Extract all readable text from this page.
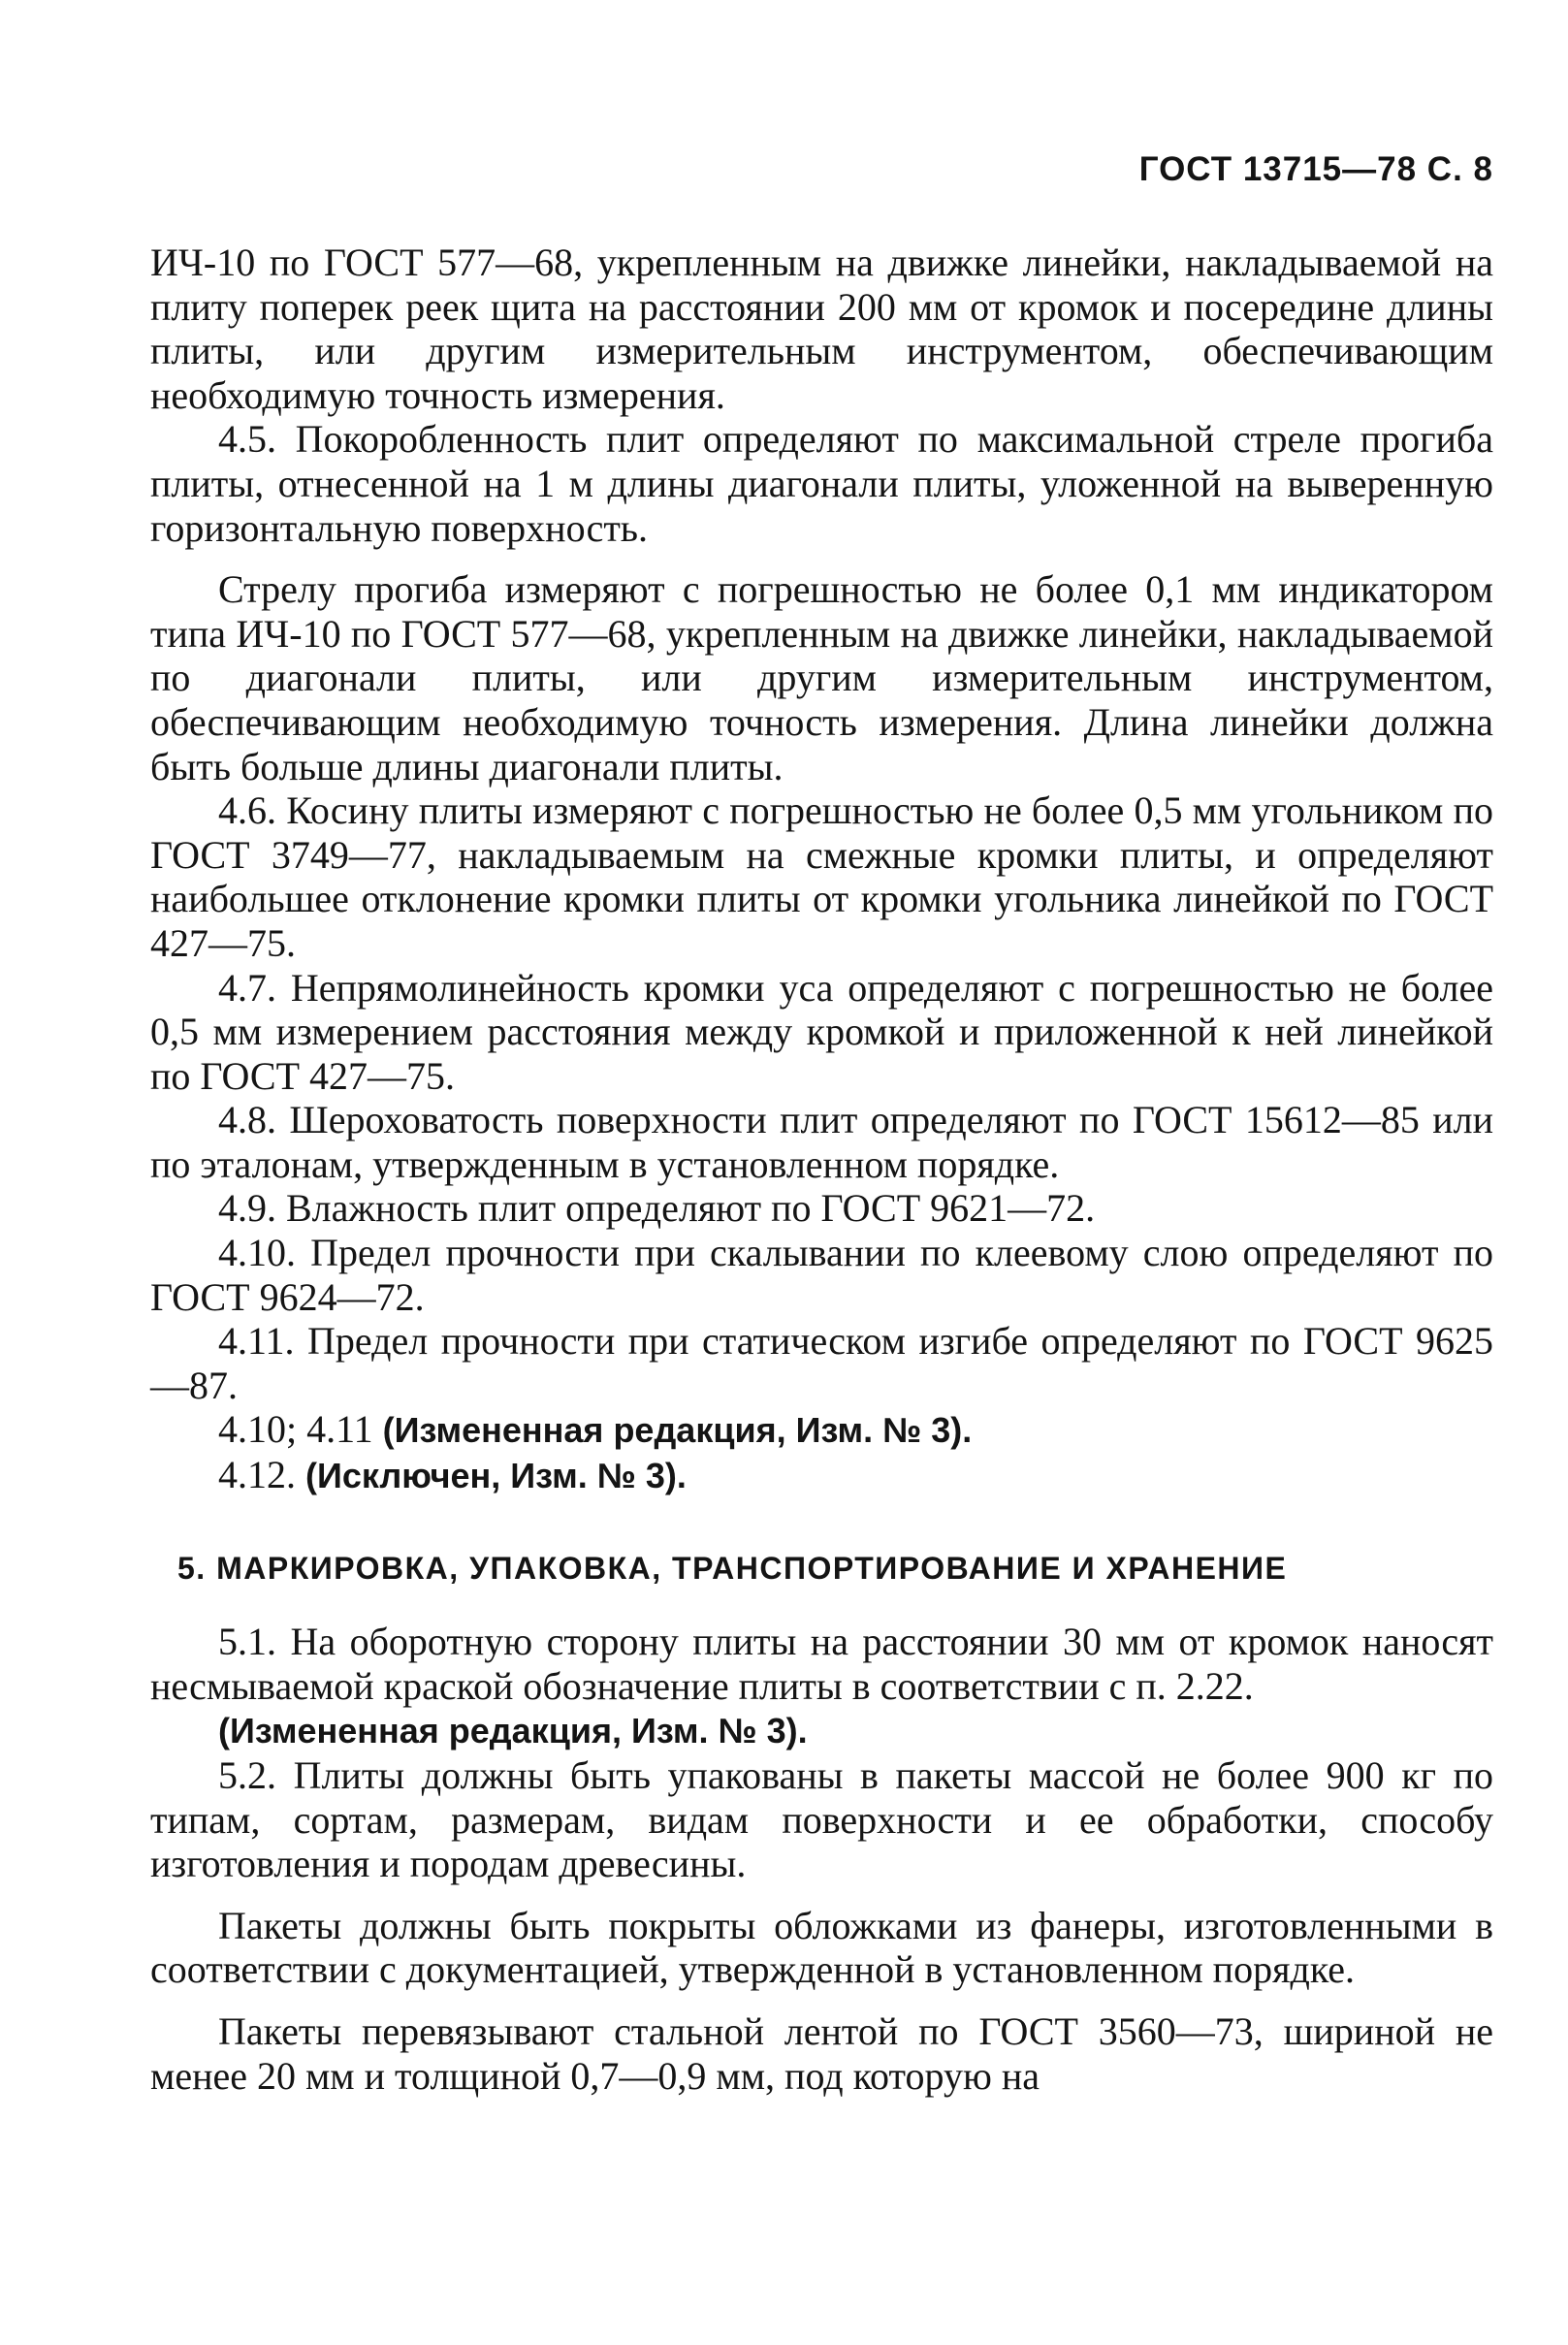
ГОСТ 13715—78 С. 8

ИЧ-10 по ГОСТ 577—68, укрепленным на движке линейки, накладываемой на плиту поперек реек щита на расстоянии 200 мм от кромок и посередине длины плиты, или другим измерительным инструментом, обеспечивающим необходимую точность измерения.

4.5. Покоробленность плит определяют по максимальной стреле прогиба плиты, отнесенной на 1 м длины диагонали плиты, уложенной на выверенную горизонтальную поверхность.

Стрелу прогиба измеряют с погрешностью не более 0,1 мм индикатором типа ИЧ-10 по ГОСТ 577—68, укрепленным на движке линейки, накладываемой по диагонали плиты, или другим измерительным инструментом, обеспечивающим необходимую точность измерения. Длина линейки должна быть больше длины диагонали плиты.

4.6. Косину плиты измеряют с погрешностью не более 0,5 мм угольником по ГОСТ 3749—77, накладываемым на смежные кромки плиты, и определяют наибольшее отклонение кромки плиты от кромки угольника линейкой по ГОСТ 427—75.

4.7. Непрямолинейность кромки уса определяют с погрешностью не более 0,5 мм измерением расстояния между кромкой и приложенной к ней линейкой по ГОСТ 427—75.

4.8. Шероховатость поверхности плит определяют по ГОСТ 15612—85 или по эталонам, утвержденным в установленном порядке.

4.9. Влажность плит определяют по ГОСТ 9621—72.

4.10. Предел прочности при скалывании по клеевому слою определяют по ГОСТ 9624—72.

4.11. Предел прочности при статическом изгибе определяют по ГОСТ 9625—87.

4.10; 4.11 (Измененная редакция, Изм. № 3).

4.12. (Исключен, Изм. № 3).

5. МАРКИРОВКА, УПАКОВКА, ТРАНСПОРТИРОВАНИЕ И ХРАНЕНИЕ

5.1. На оборотную сторону плиты на расстоянии 30 мм от кромок наносят несмываемой краской обозначение плиты в соответствии с п. 2.22.

(Измененная редакция, Изм. № 3).

5.2. Плиты должны быть упакованы в пакеты массой не более 900 кг по типам, сортам, размерам, видам поверхности и ее обработки, способу изготовления и породам древесины.

Пакеты должны быть покрыты обложками из фанеры, изготовленными в соответствии с документацией, утвержденной в установленном порядке.

Пакеты перевязывают стальной лентой по ГОСТ 3560—73, шириной не менее 20 мм и толщиной 0,7—0,9 мм, под которую на
